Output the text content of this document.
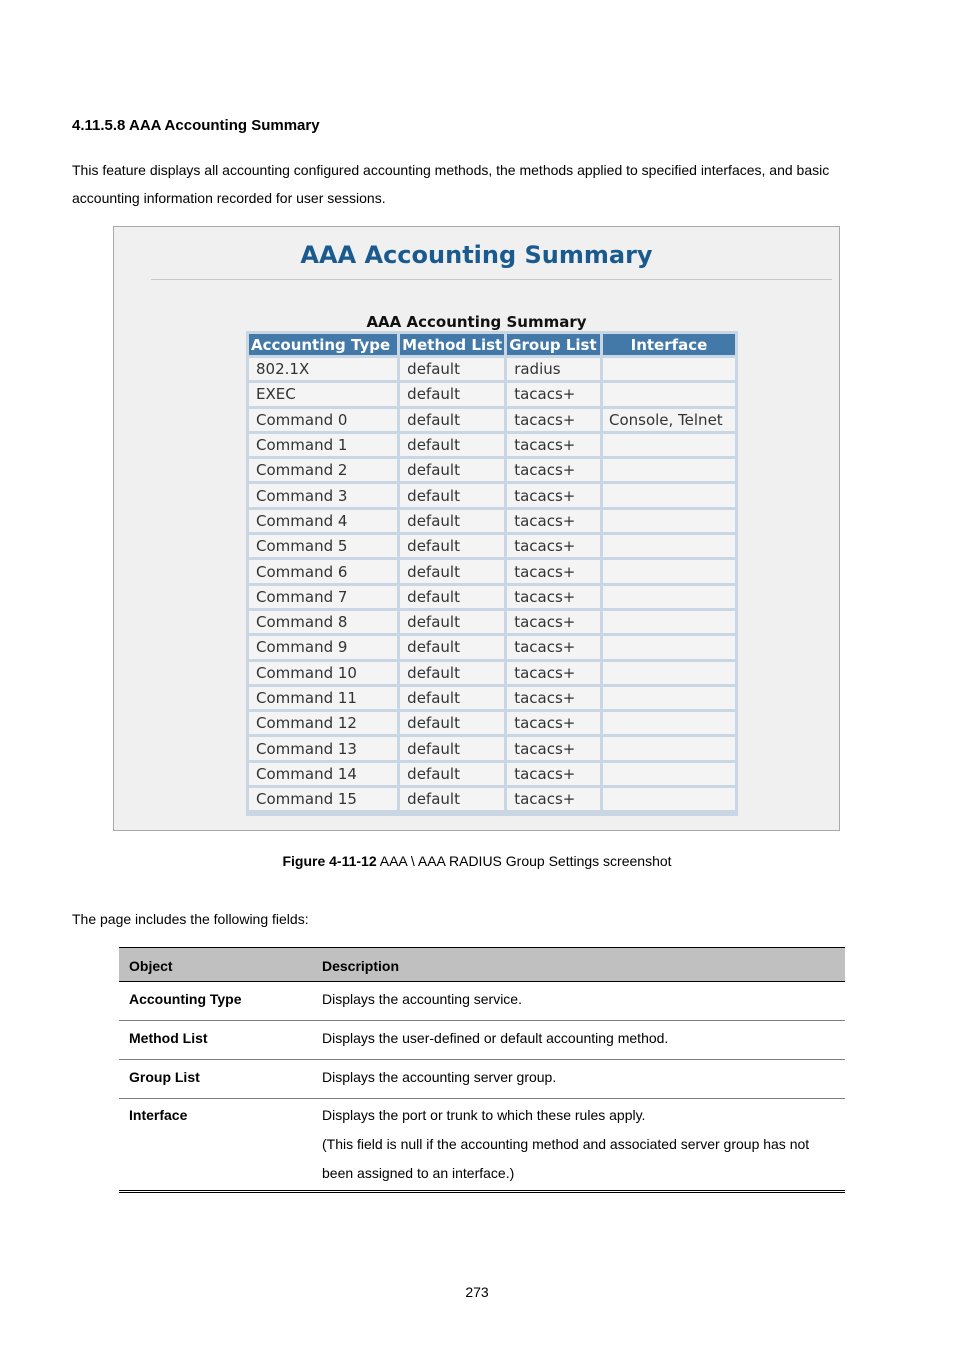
4.11.5.8 AAA Accounting Summary
This feature displays all accounting configured accounting methods, the methods applied to specified interfaces, and basic accounting information recorded for user sessions.
AAA Accounting Summary
AAA Accounting Summary
Accounting Type	Method List	Group List	Interface
802.1X	default	radius	
EXEC	default	tacacs+	
Command 0	default	tacacs+	Console, Telnet
Command 1	default	tacacs+	
Command 2	default	tacacs+	
Command 3	default	tacacs+	
Command 4	default	tacacs+	
Command 5	default	tacacs+	
Command 6	default	tacacs+	
Command 7	default	tacacs+	
Command 8	default	tacacs+	
Command 9	default	tacacs+	
Command 10	default	tacacs+	
Command 11	default	tacacs+	
Command 12	default	tacacs+	
Command 13	default	tacacs+	
Command 14	default	tacacs+	
Command 15	default	tacacs+	
Figure 4-11-12 AAA \ AAA RADIUS Group Settings screenshot
The page includes the following fields:
Object	Description
Accounting Type	Displays the accounting service.

Method List	Displays the user-defined or default accounting method.

Group List	Displays the accounting server group.

Interface	Displays the port or trunk to which these rules apply.
(This field is null if the accounting method and associated server group has not
been assigned to an interface.)
273
